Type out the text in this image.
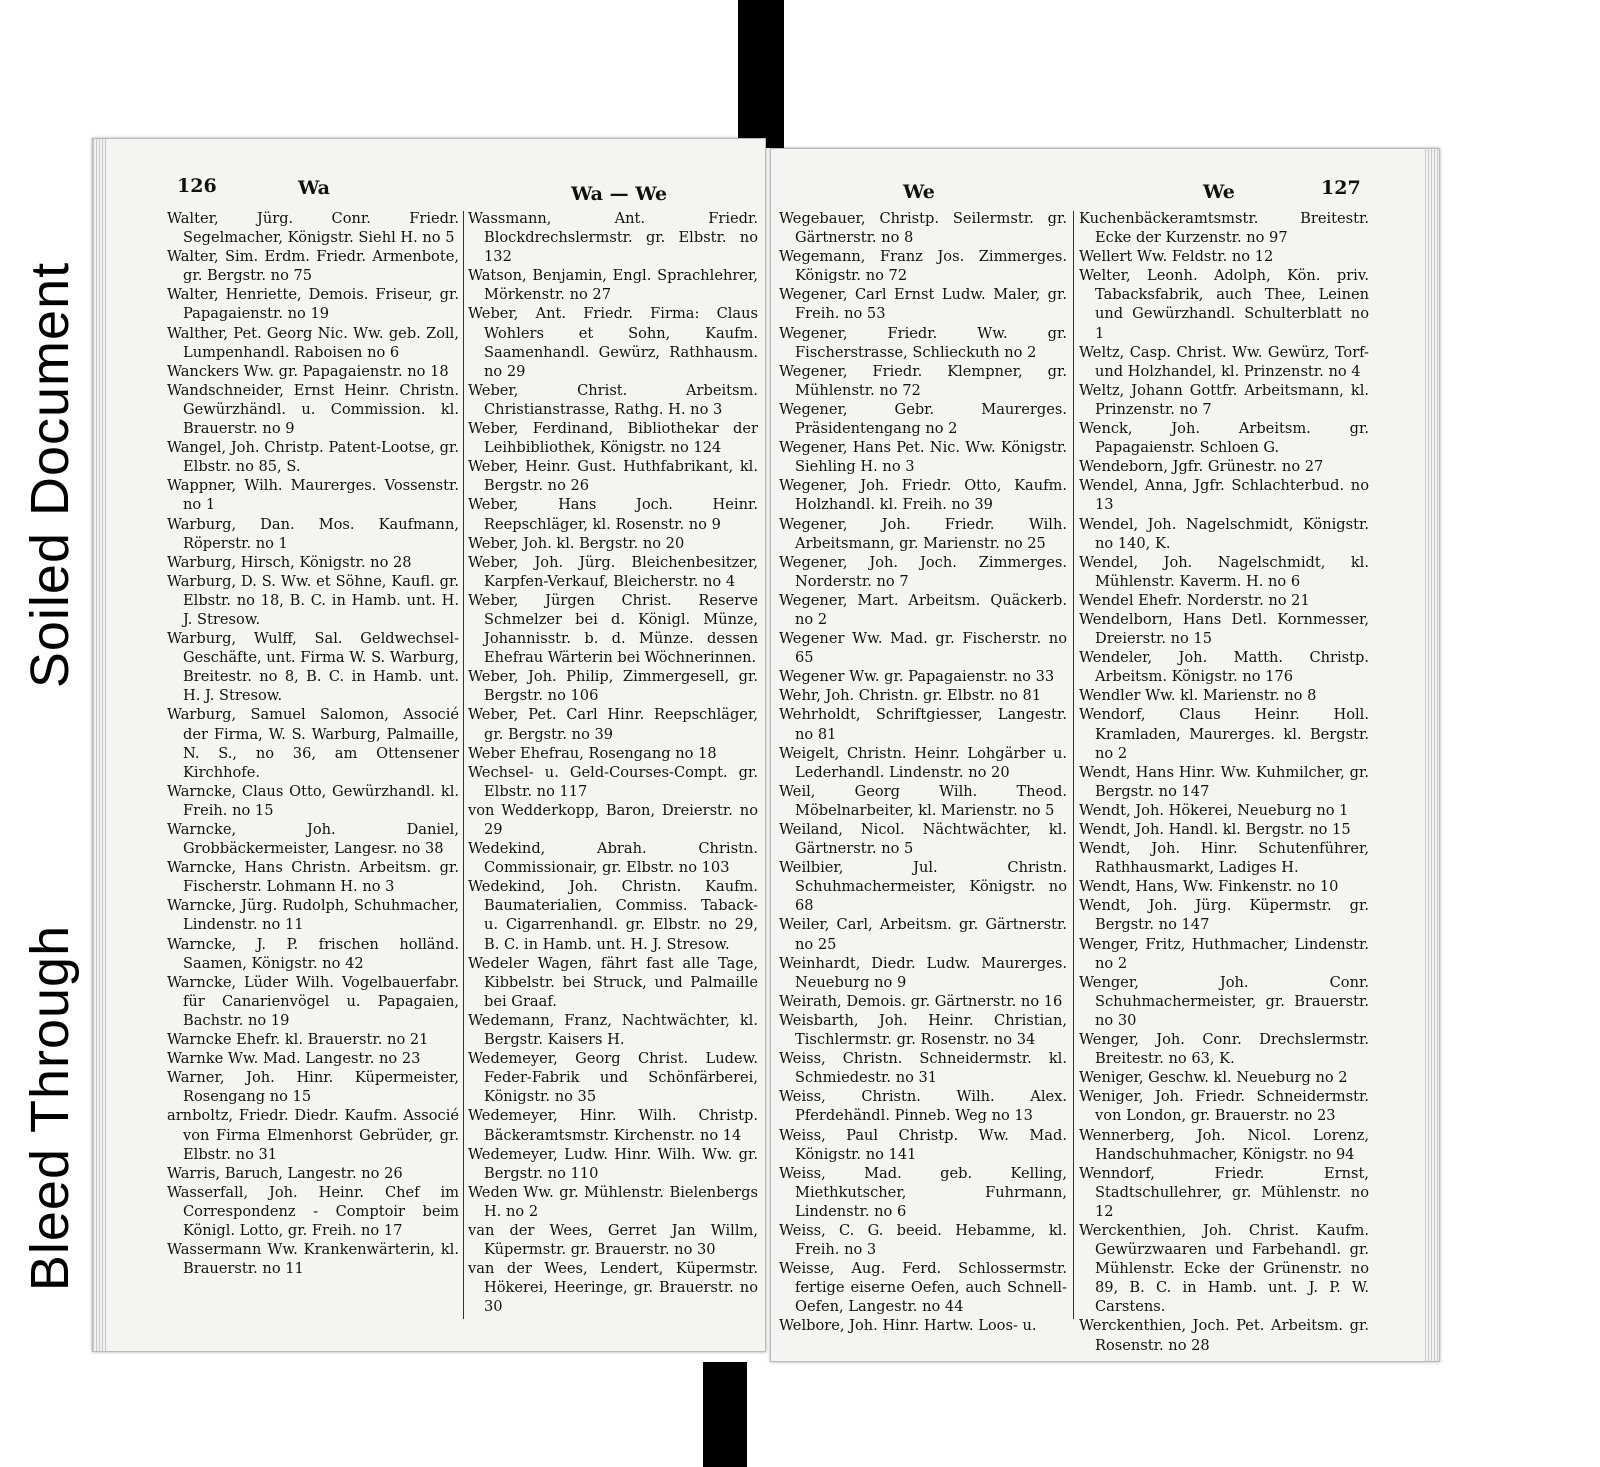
Soiled Document
Bleed Through
126	Wa	Wa — We

Walter, Jürg. Conr. Friedr. Segelmacher, Königstr. Siehl H. no 5

Walter, Sim. Erdm. Friedr. Armenbote, gr. Bergstr. no 75

Walter, Henriette, Demois. Friseur, gr. Papagaienstr. no 19

Walther, Pet. Georg Nic. Ww. geb. Zoll, Lumpenhandl. Raboisen no 6

Wanckers Ww. gr. Papagaienstr. no 18

Wandschneider, Ernst Heinr. Christn. Gewürzhändl. u. Commission. kl. Brauerstr. no 9

Wangel, Joh. Christp. Patent-Lootse, gr. Elbstr. no 85, S.

Wappner, Wilh. Maurerges. Vossenstr. no 1

Warburg, Dan. Mos. Kaufmann, Röperstr. no 1

Warburg, Hirsch, Königstr. no 28

Warburg, D. S. Ww. et Söhne, Kaufl. gr. Elbstr. no 18, B. C. in Hamb. unt. H. J. Stresow.

Warburg, Wulff, Sal. Geldwechsel-Geschäfte, unt. Firma W. S. Warburg, Breitestr. no 8, B. C. in Hamb. unt. H. J. Stresow.

Warburg, Samuel Salomon, Associé der Firma, W. S. Warburg, Palmaille, N. S., no 36, am Ottensener Kirchhofe.

Warncke, Claus Otto, Gewürzhandl. kl. Freih. no 15

Warncke, Joh. Daniel, Grobbäckermeister, Langesr. no 38

Warncke, Hans Christn. Arbeitsm. gr. Fischerstr. Lohmann H. no 3

Warncke, Jürg. Rudolph, Schuhmacher, Lindenstr. no 11

Warncke, J. P. frischen holländ. Saamen, Königstr. no 42

Warncke, Lüder Wilh. Vogelbauerfabr. für Canarienvögel u. Papagaien, Bachstr. no 19

Warncke Ehefr. kl. Brauerstr. no 21

Warnke Ww. Mad. Langestr. no 23

Warner, Joh. Hinr. Küpermeister, Rosengang no 15

arnboltz, Friedr. Diedr. Kaufm. Associé von Firma Elmenhorst Gebrüder, gr. Elbstr. no 31

Warris, Baruch, Langestr. no 26

Wasserfall, Joh. Heinr. Chef im Correspondenz - Comptoir beim Königl. Lotto, gr. Freih. no 17

Wassermann Ww. Krankenwärterin, kl. Brauerstr. no 11

Wassmann, Ant. Friedr. Blockdrechslermstr. gr. Elbstr. no 132

Watson, Benjamin, Engl. Sprachlehrer, Mörkenstr. no 27

Weber, Ant. Friedr. Firma: Claus Wohlers et Sohn, Kaufm. Saamenhandl. Gewürz, Rathhausm. no 29

Weber, Christ. Arbeitsm. Christianstrasse, Rathg. H. no 3

Weber, Ferdinand, Bibliothekar der Leihbibliothek, Königstr. no 124

Weber, Heinr. Gust. Huthfabrikant, kl. Bergstr. no 26

Weber, Hans Joch. Heinr. Reepschläger, kl. Rosenstr. no 9

Weber, Joh. kl. Bergstr. no 20

Weber, Joh. Jürg. Bleichenbesitzer, Karpfen-Verkauf, Bleicherstr. no 4

Weber, Jürgen Christ. Reserve Schmelzer bei d. Königl. Münze, Johannisstr. b. d. Münze. dessen Ehefrau Wärterin bei Wöchnerinnen.

Weber, Joh. Philip, Zimmergesell, gr. Bergstr. no 106

Weber, Pet. Carl Hinr. Reepschläger, gr. Bergstr. no 39

Weber Ehefrau, Rosengang no 18

Wechsel- u. Geld-Courses-Compt. gr. Elbstr. no 117

von Wedderkopp, Baron, Dreierstr. no 29

Wedekind, Abrah. Christn. Commissionair, gr. Elbstr. no 103

Wedekind, Joh. Christn. Kaufm. Baumaterialien, Commiss. Taback- u. Cigarrenhandl. gr. Elbstr. no 29, B. C. in Hamb. unt. H. J. Stresow.

Wedeler Wagen, fährt fast alle Tage, Kibbelstr. bei Struck, und Palmaille bei Graaf.

Wedemann, Franz, Nachtwächter, kl. Bergstr. Kaisers H.

Wedemeyer, Georg Christ. Ludew. Feder-Fabrik und Schönfärberei, Königstr. no 35

Wedemeyer, Hinr. Wilh. Christp. Bäckeramtsmstr. Kirchenstr. no 14

Wedemeyer, Ludw. Hinr. Wilh. Ww. gr. Bergstr. no 110

Weden Ww. gr. Mühlenstr. Bielenbergs H. no 2

van der Wees, Gerret Jan Willm, Küpermstr. gr. Brauerstr. no 30

van der Wees, Lendert, Küpermstr. Hökerei, Heeringe, gr. Brauerstr. no 30

We	We	127

Wegebauer, Christp. Seilermstr. gr. Gärtnerstr. no 8

Wegemann, Franz Jos. Zimmerges. Königstr. no 72

Wegener, Carl Ernst Ludw. Maler, gr. Freih. no 53

Wegener, Friedr. Ww. gr. Fischerstrasse, Schlieckuth no 2

Wegener, Friedr. Klempner, gr. Mühlenstr. no 72

Wegener, Gebr. Maurerges. Präsidentengang no 2

Wegener, Hans Pet. Nic. Ww. Königstr. Siehling H. no 3

Wegener, Joh. Friedr. Otto, Kaufm. Holzhandl. kl. Freih. no 39

Wegener, Joh. Friedr. Wilh. Arbeitsmann, gr. Marienstr. no 25

Wegener, Joh. Joch. Zimmerges. Norderstr. no 7

Wegener, Mart. Arbeitsm. Quäckerb. no 2

Wegener Ww. Mad. gr. Fischerstr. no 65

Wegener Ww. gr. Papagaienstr. no 33

Wehr, Joh. Christn. gr. Elbstr. no 81

Wehrholdt, Schriftgiesser, Langestr. no 81

Weigelt, Christn. Heinr. Lohgärber u. Lederhandl. Lindenstr. no 20

Weil, Georg Wilh. Theod. Möbelnarbeiter, kl. Marienstr. no 5

Weiland, Nicol. Nächtwächter, kl. Gärtnerstr. no 5

Weilbier, Jul. Christn. Schuhmachermeister, Königstr. no 68

Weiler, Carl, Arbeitsm. gr. Gärtnerstr. no 25

Weinhardt, Diedr. Ludw. Maurerges. Neueburg no 9

Weirath, Demois. gr. Gärtnerstr. no 16

Weisbarth, Joh. Heinr. Christian, Tischlermstr. gr. Rosenstr. no 34

Weiss, Christn. Schneidermstr. kl. Schmiedestr. no 31

Weiss, Christn. Wilh. Alex. Pferdehändl. Pinneb. Weg no 13

Weiss, Paul Christp. Ww. Mad. Königstr. no 141

Weiss, Mad. geb. Kelling, Miethkutscher, Fuhrmann, Lindenstr. no 6

Weiss, C. G. beeid. Hebamme, kl. Freih. no 3

Weisse, Aug. Ferd. Schlossermstr. fertige eiserne Oefen, auch Schnell-Oefen, Langestr. no 44

Welbore, Joh. Hinr. Hartw. Loos- u.

Kuchenbäckeramtsmstr. Breitestr. Ecke der Kurzenstr. no 97

Wellert Ww. Feldstr. no 12

Welter, Leonh. Adolph, Kön. priv. Tabacksfabrik, auch Thee, Leinen und Gewürzhandl. Schulterblatt no 1

Weltz, Casp. Christ. Ww. Gewürz, Torf- und Holzhandel, kl. Prinzenstr. no 4

Weltz, Johann Gottfr. Arbeitsmann, kl. Prinzenstr. no 7

Wenck, Joh. Arbeitsm. gr. Papagaienstr. Schloen G.

Wendeborn, Jgfr. Grünestr. no 27

Wendel, Anna, Jgfr. Schlachterbud. no 13

Wendel, Joh. Nagelschmidt, Königstr. no 140, K.

Wendel, Joh. Nagelschmidt, kl. Mühlenstr. Kaverm. H. no 6

Wendel Ehefr. Norderstr. no 21

Wendelborn, Hans Detl. Kornmesser, Dreierstr. no 15

Wendeler, Joh. Matth. Christp. Arbeitsm. Königstr. no 176

Wendler Ww. kl. Marienstr. no 8

Wendorf, Claus Heinr. Holl. Kramladen, Maurerges. kl. Bergstr. no 2

Wendt, Hans Hinr. Ww. Kuhmilcher, gr. Bergstr. no 147

Wendt, Joh. Hökerei, Neueburg no 1

Wendt, Joh. Handl. kl. Bergstr. no 15

Wendt, Joh. Hinr. Schutenführer, Rathhausmarkt, Ladiges H.

Wendt, Hans, Ww. Finkenstr. no 10

Wendt, Joh. Jürg. Küpermstr. gr. Bergstr. no 147

Wenger, Fritz, Huthmacher, Lindenstr. no 2

Wenger, Joh. Conr. Schuhmachermeister, gr. Brauerstr. no 30

Wenger, Joh. Conr. Drechslermstr. Breitestr. no 63, K.

Weniger, Geschw. kl. Neueburg no 2

Weniger, Joh. Friedr. Schneidermstr. von London, gr. Brauerstr. no 23

Wennerberg, Joh. Nicol. Lorenz, Handschuhmacher, Königstr. no 94

Wenndorf, Friedr. Ernst, Stadtschullehrer, gr. Mühlenstr. no 12

Werckenthien, Joh. Christ. Kaufm. Gewürzwaaren und Farbehandl. gr. Mühlenstr. Ecke der Grünenstr. no 89, B. C. in Hamb. unt. J. P. W. Carstens.

Werckenthien, Joch. Pet. Arbeitsm. gr. Rosenstr. no 28
